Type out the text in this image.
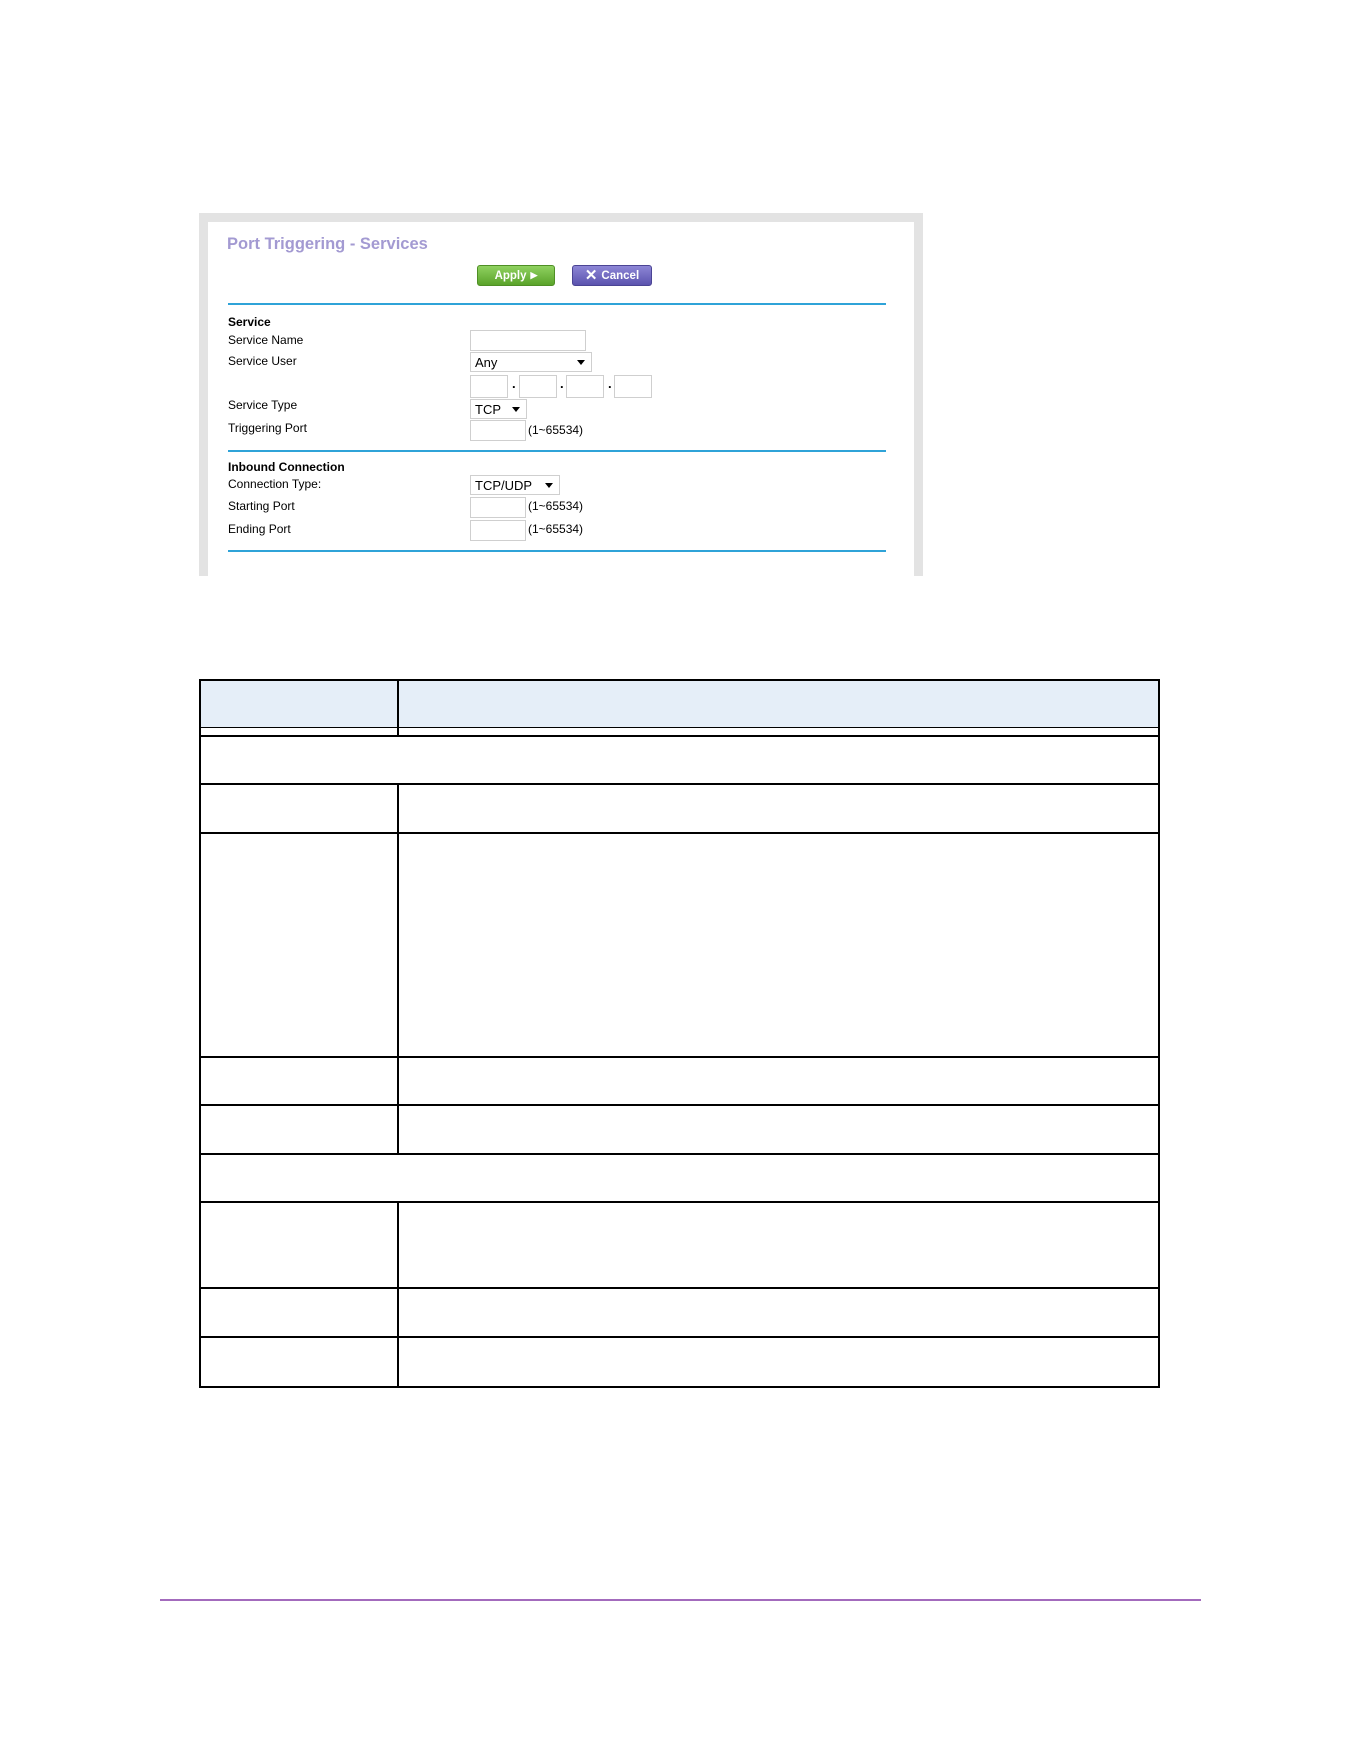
Port Triggering - Services
Apply ▶	✕ Cancel
Service
Service Name
Service User	Any
.	.	.
Service Type	TCP
Triggering Port	(1~65534)
Inbound Connection
Connection Type:	TCP/UDP
Starting Port	(1~65534)
Ending Port	(1~65534)
